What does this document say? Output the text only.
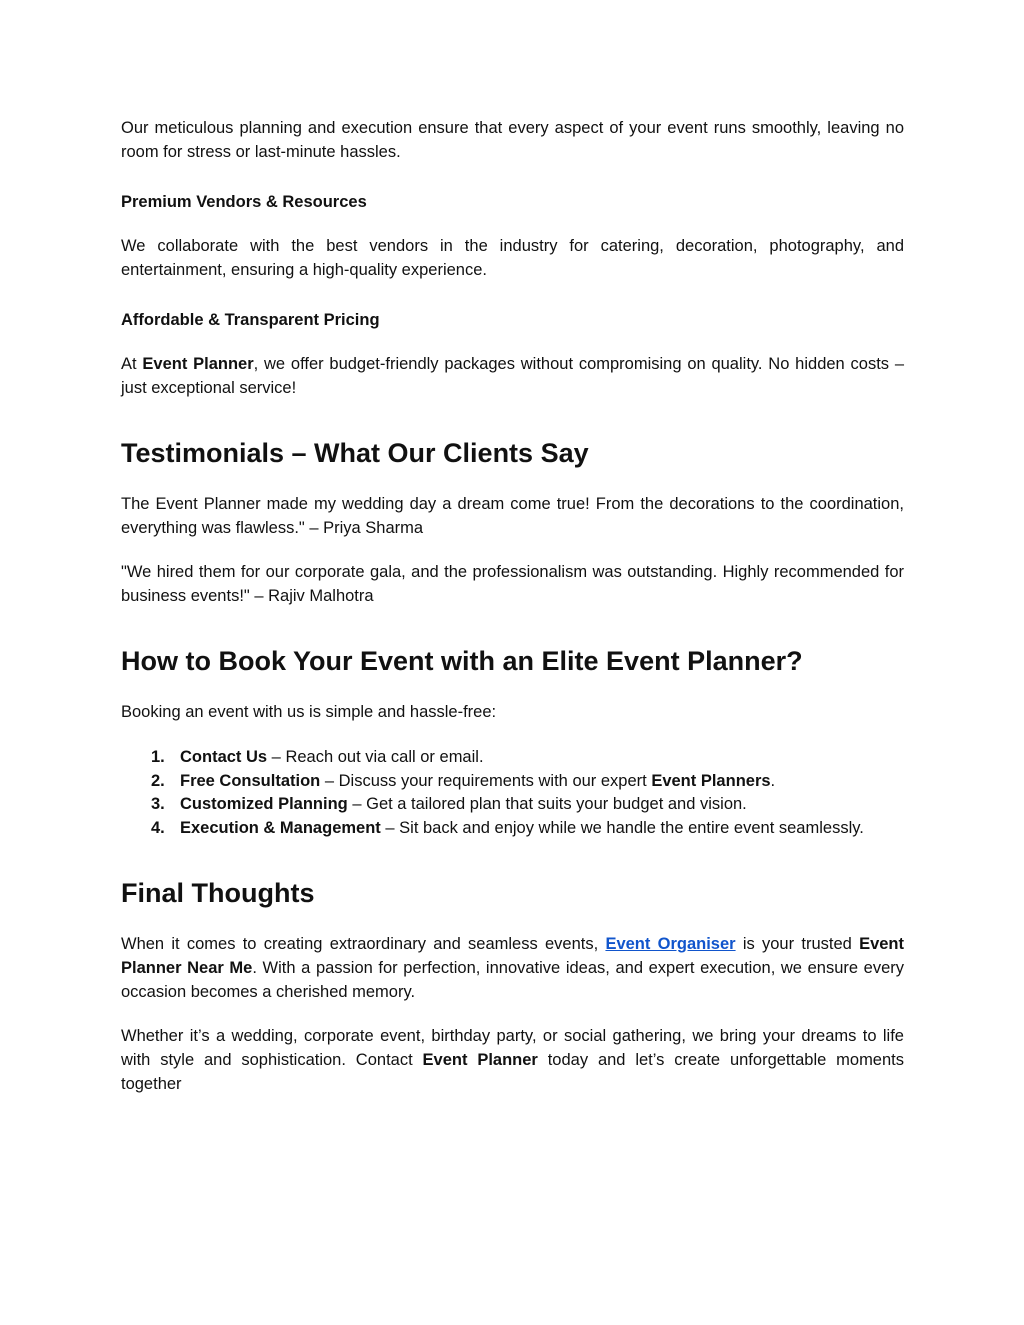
Our meticulous planning and execution ensure that every aspect of your event runs smoothly, leaving no room for stress or last-minute hassles.

Premium Vendors & Resources

We collaborate with the best vendors in the industry for catering, decoration, photography, and entertainment, ensuring a high-quality experience.

Affordable & Transparent Pricing

At Event Planner, we offer budget-friendly packages without compromising on quality. No hidden costs – just exceptional service!

Testimonials – What Our Clients Say

The Event Planner made my wedding day a dream come true! From the decorations to the coordination, everything was flawless." – Priya Sharma

"We hired them for our corporate gala, and the professionalism was outstanding. Highly recommended for business events!" – Rajiv Malhotra

How to Book Your Event with an Elite Event Planner?

Booking an event with us is simple and hassle-free:

1. Contact Us – Reach out via call or email.
2. Free Consultation – Discuss your requirements with our expert Event Planners.
3. Customized Planning – Get a tailored plan that suits your budget and vision.
4. Execution & Management – Sit back and enjoy while we handle the entire event seamlessly.
Final Thoughts

When it comes to creating extraordinary and seamless events, Event Organiser is your trusted Event Planner Near Me. With a passion for perfection, innovative ideas, and expert execution, we ensure every occasion becomes a cherished memory.

Whether it’s a wedding, corporate event, birthday party, or social gathering, we bring your dreams to life with style and sophistication. Contact Event Planner today and let’s create unforgettable moments together
